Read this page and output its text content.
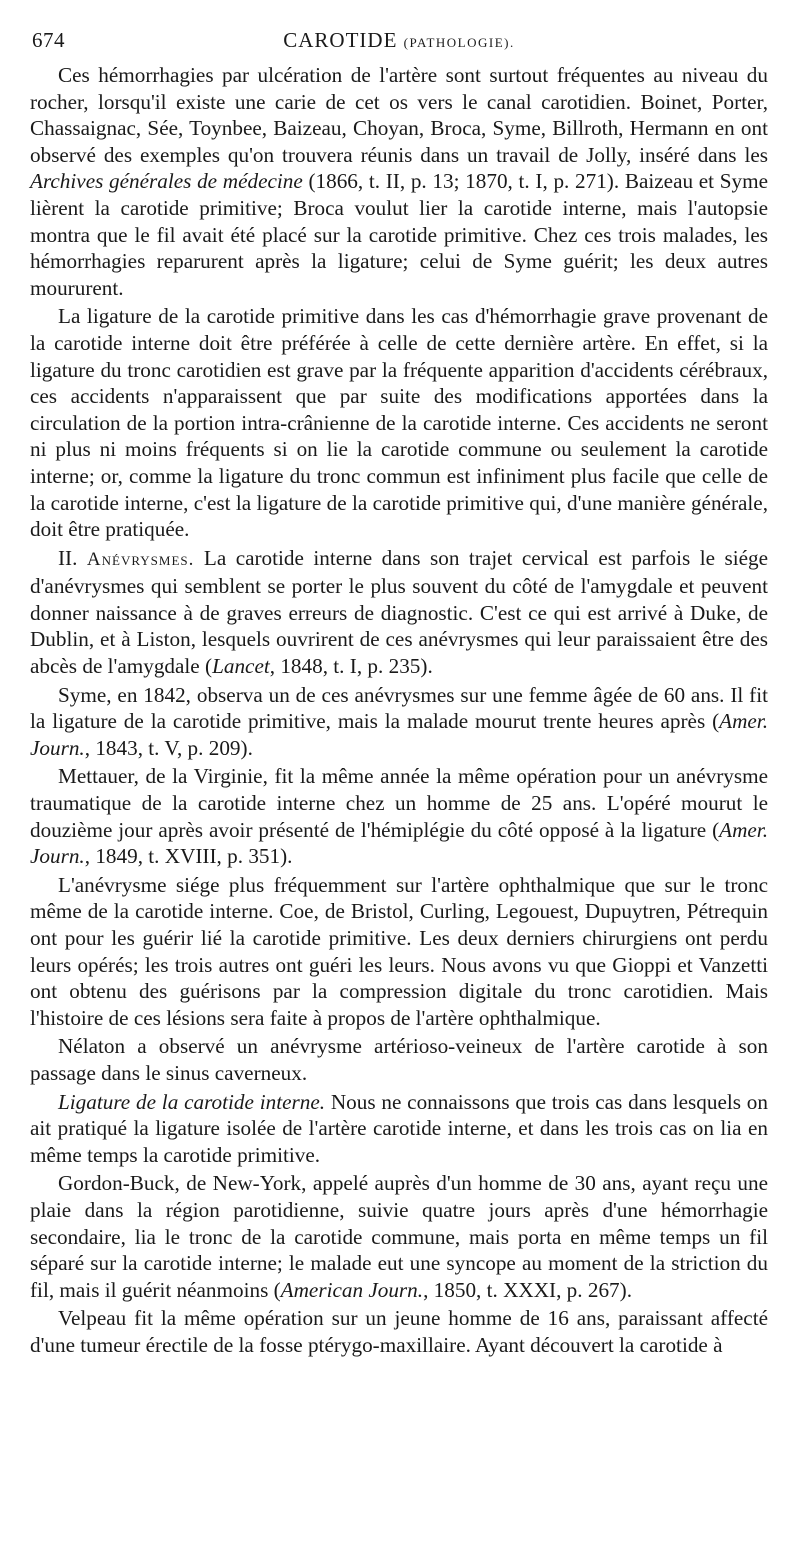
674	CAROTIDE (PATHOLOGIE).

Ces hémorrhagies par ulcération de l'artère sont surtout fréquentes au niveau du rocher, lorsqu'il existe une carie de cet os vers le canal carotidien. Boinet, Porter, Chassaignac, Sée, Toynbee, Baizeau, Choyan, Broca, Syme, Billroth, Hermann en ont observé des exemples qu'on trouvera réunis dans un travail de Jolly, inséré dans les Archives générales de médecine (1866, t. II, p. 13; 1870, t. I, p. 271). Baizeau et Syme lièrent la carotide primitive; Broca voulut lier la carotide interne, mais l'autopsie montra que le fil avait été placé sur la carotide primitive. Chez ces trois malades, les hémorrhagies reparurent après la ligature; celui de Syme guérit; les deux autres moururent.

La ligature de la carotide primitive dans les cas d'hémorrhagie grave provenant de la carotide interne doit être préférée à celle de cette dernière artère. En effet, si la ligature du tronc carotidien est grave par la fréquente apparition d'accidents cérébraux, ces accidents n'apparaissent que par suite des modifications apportées dans la circulation de la portion intra-crânienne de la carotide interne. Ces accidents ne seront ni plus ni moins fréquents si on lie la carotide commune ou seulement la carotide interne; or, comme la ligature du tronc commun est infiniment plus facile que celle de la carotide interne, c'est la ligature de la carotide primitive qui, d'une manière générale, doit être pratiquée.

II. Anévrysmes. La carotide interne dans son trajet cervical est parfois le siége d'anévrysmes qui semblent se porter le plus souvent du côté de l'amygdale et peuvent donner naissance à de graves erreurs de diagnostic. C'est ce qui est arrivé à Duke, de Dublin, et à Liston, lesquels ouvrirent de ces anévrysmes qui leur paraissaient être des abcès de l'amygdale (Lancet, 1848, t. I, p. 235).

Syme, en 1842, observa un de ces anévrysmes sur une femme âgée de 60 ans. Il fit la ligature de la carotide primitive, mais la malade mourut trente heures après (Amer. Journ., 1843, t. V, p. 209).

Mettauer, de la Virginie, fit la même année la même opération pour un anévrysme traumatique de la carotide interne chez un homme de 25 ans. L'opéré mourut le douzième jour après avoir présenté de l'hémiplégie du côté opposé à la ligature (Amer. Journ., 1849, t. XVIII, p. 351).

L'anévrysme siége plus fréquemment sur l'artère ophthalmique que sur le tronc même de la carotide interne. Coe, de Bristol, Curling, Legouest, Dupuytren, Pétrequin ont pour les guérir lié la carotide primitive. Les deux derniers chirurgiens ont perdu leurs opérés; les trois autres ont guéri les leurs. Nous avons vu que Gioppi et Vanzetti ont obtenu des guérisons par la compression digitale du tronc carotidien. Mais l'histoire de ces lésions sera faite à propos de l'artère ophthalmique.

Nélaton a observé un anévrysme artérioso-veineux de l'artère carotide à son passage dans le sinus caverneux.

Ligature de la carotide interne. Nous ne connaissons que trois cas dans lesquels on ait pratiqué la ligature isolée de l'artère carotide interne, et dans les trois cas on lia en même temps la carotide primitive.

Gordon-Buck, de New-York, appelé auprès d'un homme de 30 ans, ayant reçu une plaie dans la région parotidienne, suivie quatre jours après d'une hémorrhagie secondaire, lia le tronc de la carotide commune, mais porta en même temps un fil séparé sur la carotide interne; le malade eut une syncope au moment de la striction du fil, mais il guérit néanmoins (American Journ., 1850, t. XXXI, p. 267).

Velpeau fit la même opération sur un jeune homme de 16 ans, paraissant affecté d'une tumeur érectile de la fosse ptérygo-maxillaire. Ayant découvert la carotide à
